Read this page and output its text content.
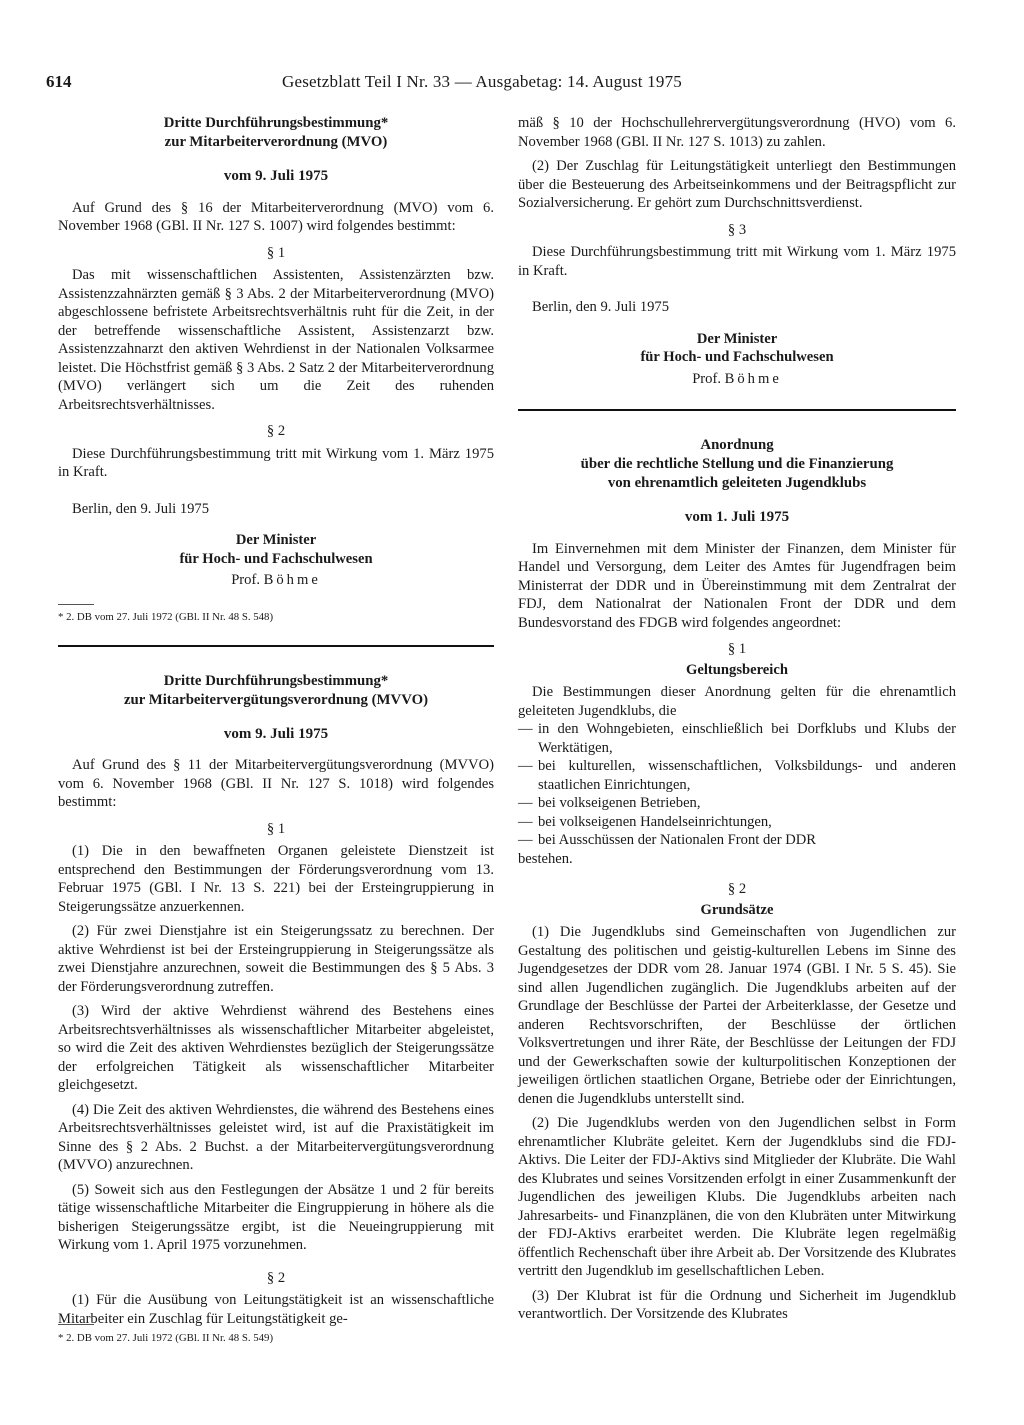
614	Gesetzblatt Teil I Nr. 33 — Ausgabetag: 14. August 1975
Dritte Durchführungsbestimmung*
zur Mitarbeiterverordnung (MVO)
vom 9. Juli 1975

Auf Grund des § 16 der Mitarbeiterverordnung (MVO) vom 6. November 1968 (GBl. II Nr. 127 S. 1007) wird folgendes bestimmt:

§ 1

Das mit wissenschaftlichen Assistenten, Assistenzärzten bzw. Assistenzzahnärzten gemäß § 3 Abs. 2 der Mitarbeiterverordnung (MVO) abgeschlossene befristete Arbeitsrechtsverhältnis ruht für die Zeit, in der der betreffende wissenschaftliche Assistent, Assistenzarzt bzw. Assistenzzahnarzt den aktiven Wehrdienst in der Nationalen Volksarmee leistet. Die Höchstfrist gemäß § 3 Abs. 2 Satz 2 der Mitarbeiterverordnung (MVO) verlängert sich um die Zeit des ruhenden Arbeitsrechtsverhältnisses.

§ 2

Diese Durchführungsbestimmung tritt mit Wirkung vom 1. März 1975 in Kraft.

Berlin, den 9. Juli 1975
Der Minister
für Hoch- und Fachschulwesen
Prof. Böhme
* 2. DB vom 27. Juli 1972 (GBl. II Nr. 48 S. 548)
Dritte Durchführungsbestimmung*
zur Mitarbeitervergütungsverordnung (MVVO)
vom 9. Juli 1975

Auf Grund des § 11 der Mitarbeitervergütungsverordnung (MVVO) vom 6. November 1968 (GBl. II Nr. 127 S. 1018) wird folgendes bestimmt:

§ 1

(1) Die in den bewaffneten Organen geleistete Dienstzeit ist entsprechend den Bestimmungen der Förderungsverordnung vom 13. Februar 1975 (GBl. I Nr. 13 S. 221) bei der Ersteingruppierung in Steigerungssätze anzuerkennen.

(2) Für zwei Dienstjahre ist ein Steigerungssatz zu berechnen. Der aktive Wehrdienst ist bei der Ersteingruppierung in Steigerungssätze als zwei Dienstjahre anzurechnen, soweit die Bestimmungen des § 5 Abs. 3 der Förderungsverordnung zutreffen.

(3) Wird der aktive Wehrdienst während des Bestehens eines Arbeitsrechtsverhältnisses als wissenschaftlicher Mitarbeiter abgeleistet, so wird die Zeit des aktiven Wehrdienstes bezüglich der Steigerungssätze der erfolgreichen Tätigkeit als wissenschaftlicher Mitarbeiter gleichgesetzt.

(4) Die Zeit des aktiven Wehrdienstes, die während des Bestehens eines Arbeitsrechtsverhältnisses geleistet wird, ist auf die Praxistätigkeit im Sinne des § 2 Abs. 2 Buchst. a der Mitarbeitervergütungsverordnung (MVVO) anzurechnen.

(5) Soweit sich aus den Festlegungen der Absätze 1 und 2 für bereits tätige wissenschaftliche Mitarbeiter die Eingruppierung in höhere als die bisherigen Steigerungssätze ergibt, ist die Neueingruppierung mit Wirkung vom 1. April 1975 vorzunehmen.

§ 2

(1) Für die Ausübung von Leitungstätigkeit ist an wissenschaftliche Mitarbeiter ein Zuschlag für Leitungstätigkeit ge-

* 2. DB vom 27. Juli 1972 (GBl. II Nr. 48 S. 549)

mäß § 10 der Hochschullehrervergütungsverordnung (HVO) vom 6. November 1968 (GBl. II Nr. 127 S. 1013) zu zahlen.

(2) Der Zuschlag für Leitungstätigkeit unterliegt den Bestimmungen über die Besteuerung des Arbeitseinkommens und der Beitragspflicht zur Sozialversicherung. Er gehört zum Durchschnittsverdienst.

§ 3

Diese Durchführungsbestimmung tritt mit Wirkung vom 1. März 1975 in Kraft.

Berlin, den 9. Juli 1975
Der Minister
für Hoch- und Fachschulwesen
Prof. Böhme
Anordnung
über die rechtliche Stellung und die Finanzierung
von ehrenamtlich geleiteten Jugendklubs
vom 1. Juli 1975

Im Einvernehmen mit dem Minister der Finanzen, dem Minister für Handel und Versorgung, dem Leiter des Amtes für Jugendfragen beim Ministerrat der DDR und in Übereinstimmung mit dem Zentralrat der FDJ, dem Nationalrat der Nationalen Front der DDR und dem Bundesvorstand des FDGB wird folgendes angeordnet:

§ 1
Geltungsbereich

Die Bestimmungen dieser Anordnung gelten für die ehrenamtlich geleiteten Jugendklubs, die

— in den Wohngebieten, einschließlich bei Dorfklubs und Klubs der Werktätigen,
— bei kulturellen, wissenschaftlichen, Volksbildungs- und anderen staatlichen Einrichtungen,
— bei volkseigenen Betrieben,
— bei volkseigenen Handelseinrichtungen,
— bei Ausschüssen der Nationalen Front der DDR

bestehen.

§ 2
Grundsätze

(1) Die Jugendklubs sind Gemeinschaften von Jugendlichen zur Gestaltung des politischen und geistig-kulturellen Lebens im Sinne des Jugendgesetzes der DDR vom 28. Januar 1974 (GBl. I Nr. 5 S. 45). Sie sind allen Jugendlichen zugänglich. Die Jugendklubs arbeiten auf der Grundlage der Beschlüsse der Partei der Arbeiterklasse, der Gesetze und anderen Rechtsvorschriften, der Beschlüsse der örtlichen Volksvertretungen und ihrer Räte, der Beschlüsse der Leitungen der FDJ und der Gewerkschaften sowie der kulturpolitischen Konzeptionen der jeweiligen örtlichen staatlichen Organe, Betriebe oder der Einrichtungen, denen die Jugendklubs unterstellt sind.

(2) Die Jugendklubs werden von den Jugendlichen selbst in Form ehrenamtlicher Klubräte geleitet. Kern der Jugendklubs sind die FDJ-Aktivs. Die Leiter der FDJ-Aktivs sind Mitglieder der Klubräte. Die Wahl des Klubrates und seines Vorsitzenden erfolgt in einer Zusammenkunft der Jugendlichen des jeweiligen Klubs. Die Jugendklubs arbeiten nach Jahresarbeits- und Finanzplänen, die von den Klubräten unter Mitwirkung der FDJ-Aktivs erarbeitet werden. Die Klubräte legen regelmäßig öffentlich Rechenschaft über ihre Arbeit ab. Der Vorsitzende des Klubrates vertritt den Jugendklub im gesellschaftlichen Leben.

(3) Der Klubrat ist für die Ordnung und Sicherheit im Jugendklub verantwortlich. Der Vorsitzende des Klubrates
